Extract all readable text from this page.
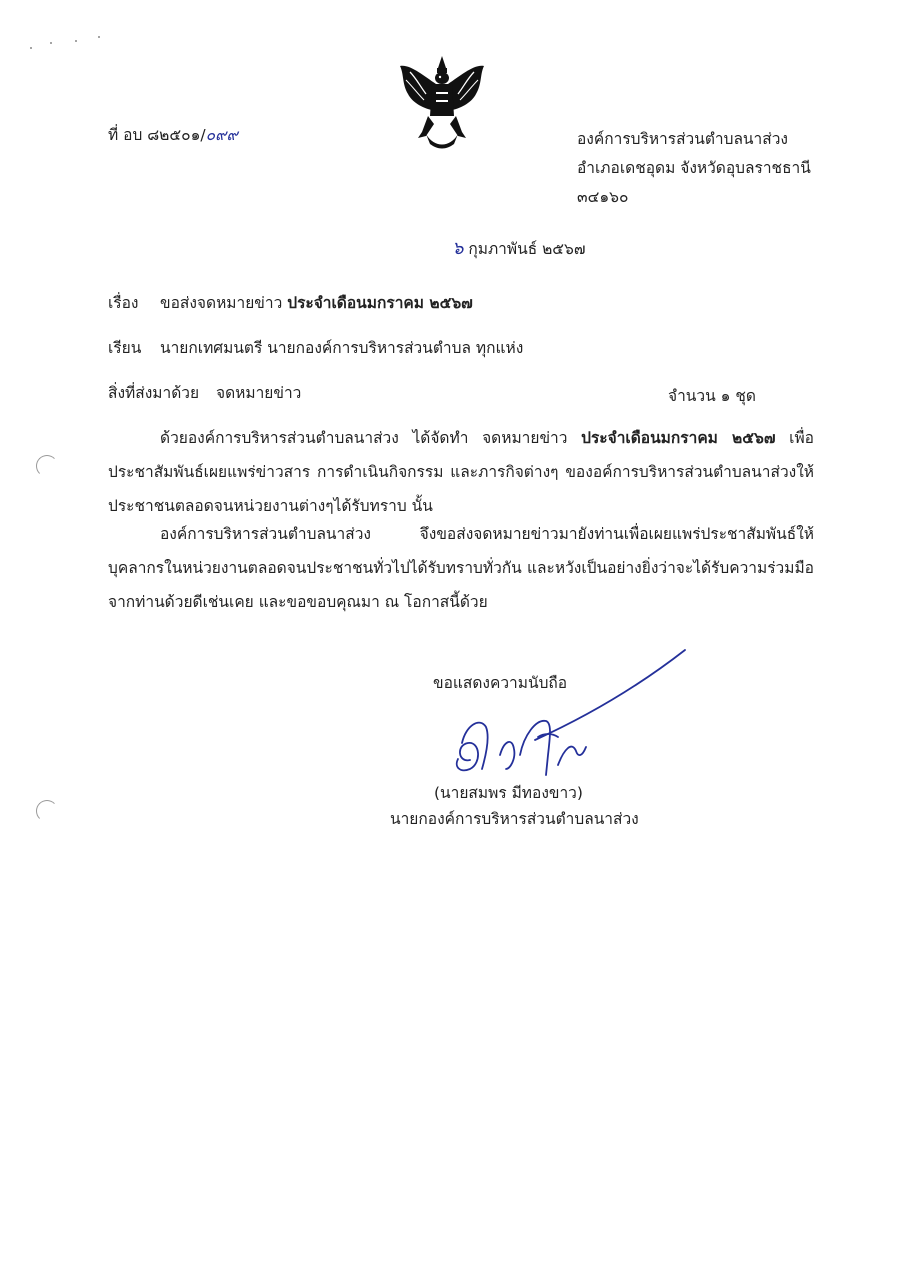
ที่ อบ ๘๒๕๐๑/๐๙๙	องค์การบริหารส่วนตำบลนาส่วง
อำเภอเดชอุดม จังหวัดอุบลราชธานี
๓๔๑๖๐
๖ กุมภาพันธ์ ๒๕๖๗
เรื่อง ขอส่งจดหมายข่าว ประจำเดือนมกราคม ๒๕๖๗
เรียน นายกเทศมนตรี นายกองค์การบริหารส่วนตำบล ทุกแห่ง
สิ่งที่ส่งมาด้วย จดหมายข่าว	จำนวน ๑ ชุด
ด้วยองค์การบริหารส่วนตำบลนาส่วง ได้จัดทำ จดหมายข่าว ประจำเดือนมกราคม ๒๕๖๗ เพื่อประชาสัมพันธ์เผยแพร่ข่าวสาร การดำเนินกิจกรรม และภารกิจต่างๆ ของอค์การบริหารส่วนตำบลนาส่วงให้ประชาชนตลอดจนหน่วยงานต่างๆได้รับทราบ นั้น
องค์การบริหารส่วนตำบลนาส่วง จึงขอส่งจดหมายข่าวมายังท่านเพื่อเผยแพร่ประชาสัมพันธ์ให้บุคลากรในหน่วยงานตลอดจนประชาชนทั่วไปได้รับทราบทั่วกัน และหวังเป็นอย่างยิ่งว่าจะได้รับความร่วมมือจากท่านด้วยดีเช่นเคย และขอขอบคุณมา ณ โอกาสนี้ด้วย
ขอแสดงความนับถือ
(นายสมพร มีทองขาว)
นายกองค์การบริหารส่วนตำบลนาส่วง
